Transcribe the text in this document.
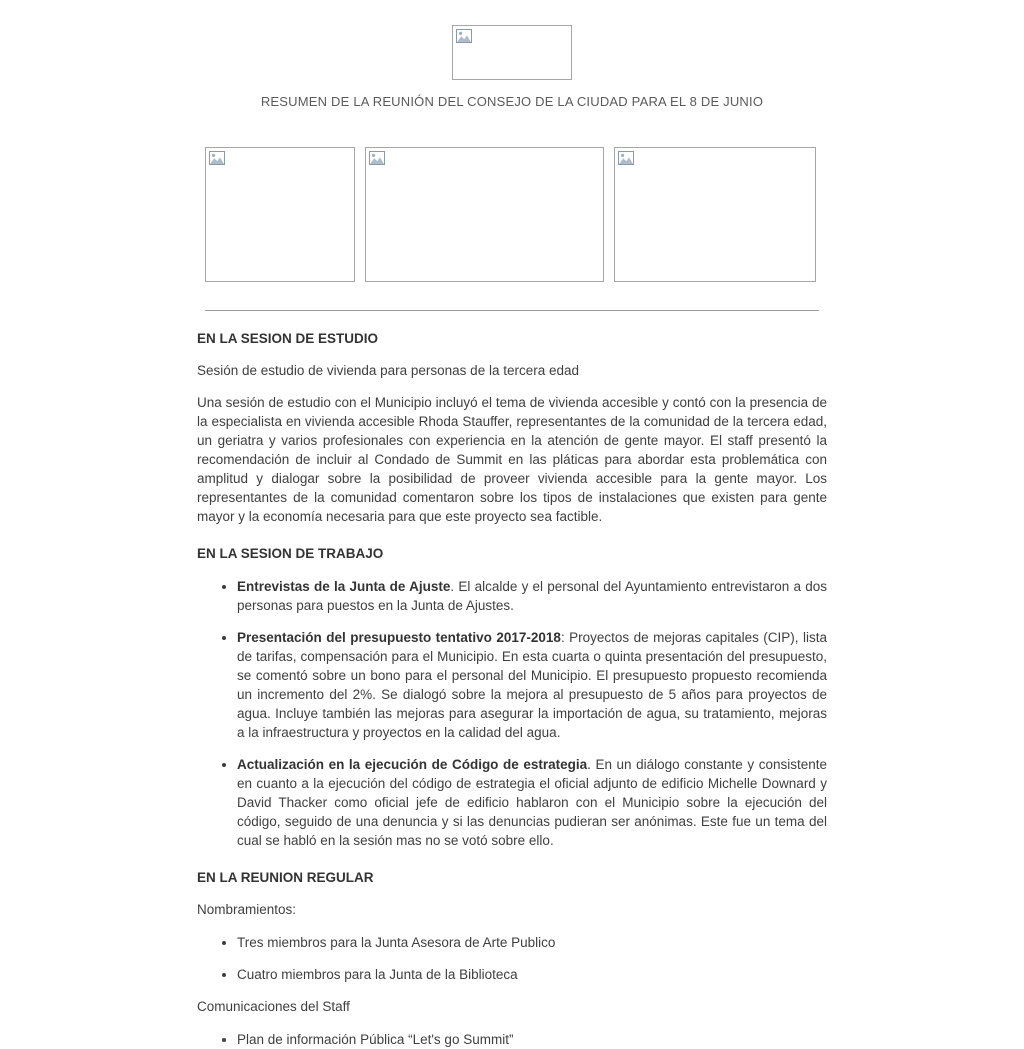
RESUMEN DE LA REUNIÓN DEL CONSEJO DE LA CIUDAD PARA EL 8 DE JUNIO
EN LA SESION DE ESTUDIO

Sesión de estudio de vivienda para personas de la tercera edad

Una sesión de estudio con el Municipio incluyó el tema de vivienda accesible y contó con la presencia de la especialista en vivienda accesible Rhoda Stauffer, representantes de la comunidad de la tercera edad, un geriatra y varios profesionales con experiencia en la atención de gente mayor. El staff presentó la recomendación de incluir al Condado de Summit en las pláticas para abordar esta problemática con amplitud y dialogar sobre la posibilidad de proveer vivienda accesible para la gente mayor. Los representantes de la comunidad comentaron sobre los tipos de instalaciones que existen para gente mayor y la economía necesaria para que este proyecto sea factible.

EN LA SESION DE TRABAJO
• Entrevistas de la Junta de Ajuste. El alcalde y el personal del Ayuntamiento entrevistaron a dos personas para puestos en la Junta de Ajustes.
• Presentación del presupuesto tentativo 2017-2018: Proyectos de mejoras capitales (CIP), lista de tarifas, compensación para el Municipio. En esta cuarta o quinta presentación del presupuesto, se comentó sobre un bono para el personal del Municipio. El presupuesto propuesto recomienda un incremento del 2%. Se dialogó sobre la mejora al presupuesto de 5 años para proyectos de agua. Incluye también las mejoras para asegurar la importación de agua, su tratamiento, mejoras a la infraestructura y proyectos en la calidad del agua.
• Actualización en la ejecución de Código de estrategia. En un diálogo constante y consistente en cuanto a la ejecución del código de estrategia el oficial adjunto de edificio Michelle Downard y David Thacker como oficial jefe de edificio hablaron con el Municipio sobre la ejecución del código, seguido de una denuncia y si las denuncias pudieran ser anónimas. Este fue un tema del cual se habló en la sesión mas no se votó sobre ello.
EN LA REUNION REGULAR

Nombramientos:

• Tres miembros para la Junta Asesora de Arte Publico
• Cuatro miembros para la Junta de la Biblioteca

Comunicaciones del Staff

• Plan de información Pública “Let's go Summit”
